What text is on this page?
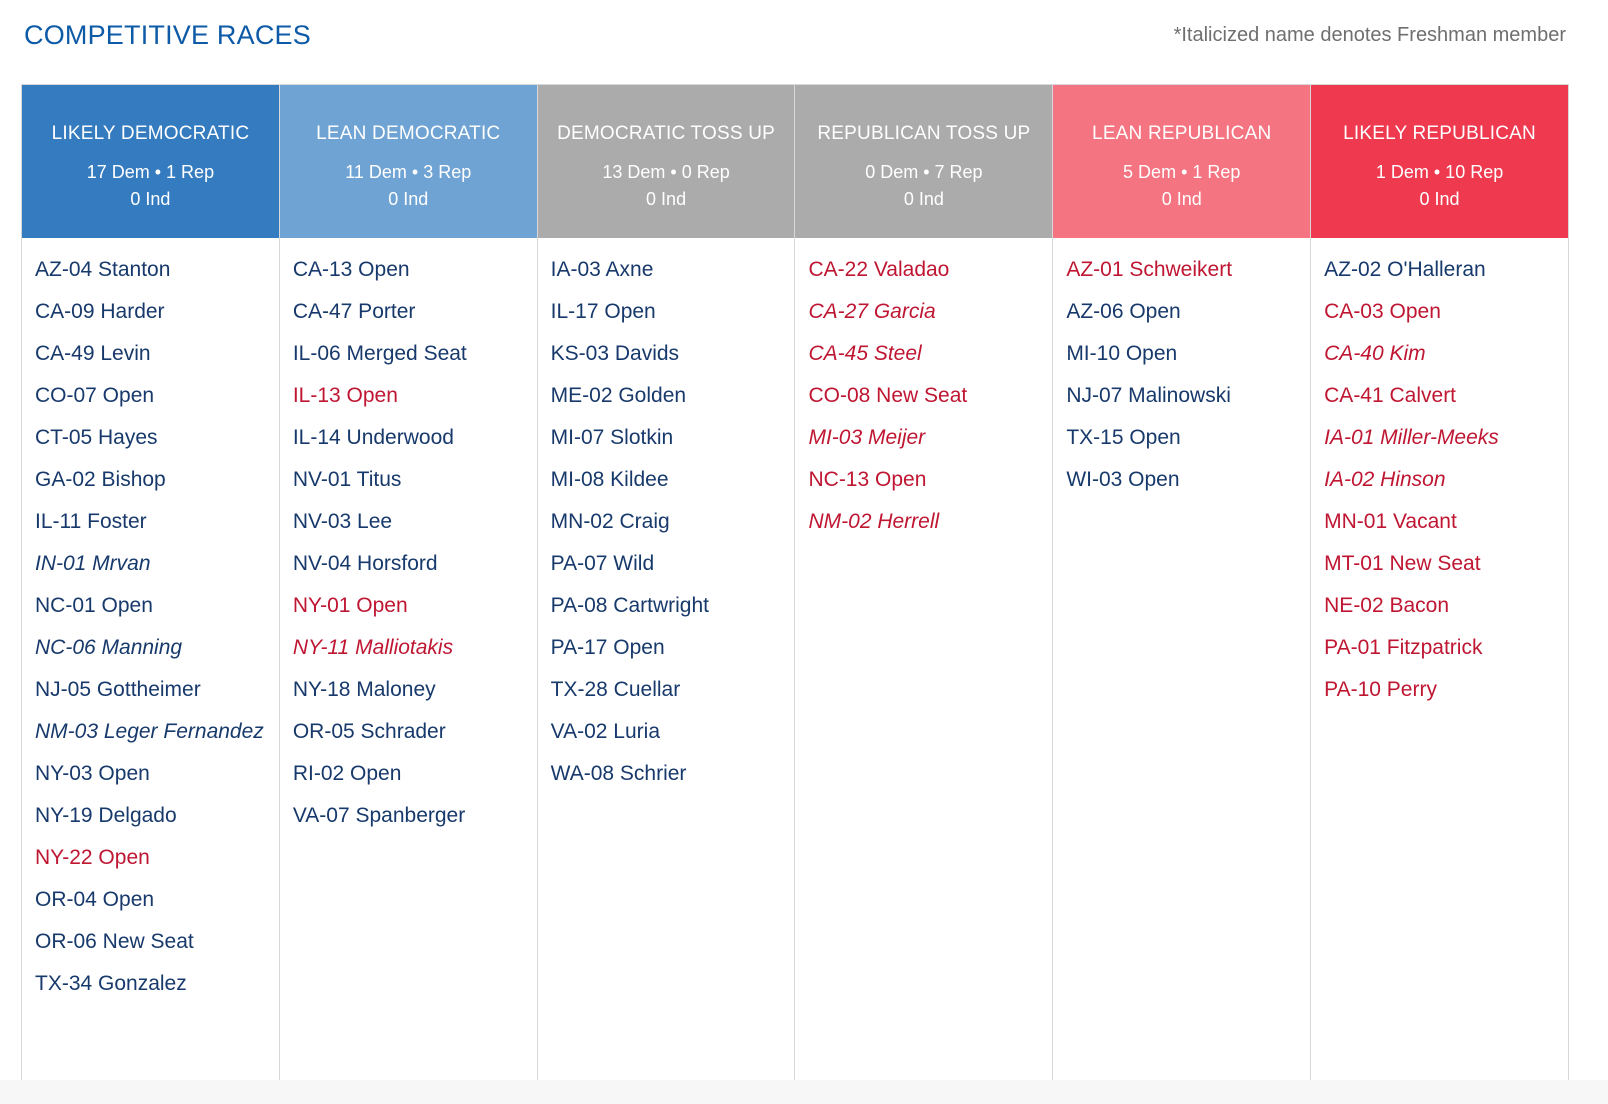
COMPETITIVE RACES	*Italicized name denotes Freshman member
LIKELY DEMOCRATIC
17 Dem • 1 Rep
0 Ind
AZ-04 Stanton
CA-09 Harder
CA-49 Levin
CO-07 Open
CT-05 Hayes
GA-02 Bishop
IL-11 Foster
IN-01 Mrvan
NC-01 Open
NC-06 Manning
NJ-05 Gottheimer
NM-03 Leger Fernandez
NY-03 Open
NY-19 Delgado
NY-22 Open
OR-04 Open
OR-06 New Seat
TX-34 Gonzalez
LEAN DEMOCRATIC
11 Dem • 3 Rep
0 Ind
CA-13 Open
CA-47 Porter
IL-06 Merged Seat
IL-13 Open
IL-14 Underwood
NV-01 Titus
NV-03 Lee
NV-04 Horsford
NY-01 Open
NY-11 Malliotakis
NY-18 Maloney
OR-05 Schrader
RI-02 Open
VA-07 Spanberger
DEMOCRATIC TOSS UP
13 Dem • 0 Rep
0 Ind
IA-03 Axne
IL-17 Open
KS-03 Davids
ME-02 Golden
MI-07 Slotkin
MI-08 Kildee
MN-02 Craig
PA-07 Wild
PA-08 Cartwright
PA-17 Open
TX-28 Cuellar
VA-02 Luria
WA-08 Schrier
REPUBLICAN TOSS UP
0 Dem • 7 Rep
0 Ind
CA-22 Valadao
CA-27 Garcia
CA-45 Steel
CO-08 New Seat
MI-03 Meijer
NC-13 Open
NM-02 Herrell
LEAN REPUBLICAN
5 Dem • 1 Rep
0 Ind
AZ-01 Schweikert
AZ-06 Open
MI-10 Open
NJ-07 Malinowski
TX-15 Open
WI-03 Open
LIKELY REPUBLICAN
1 Dem • 10 Rep
0 Ind
AZ-02 O'Halleran
CA-03 Open
CA-40 Kim
CA-41 Calvert
IA-01 Miller-Meeks
IA-02 Hinson
MN-01 Vacant
MT-01 New Seat
NE-02 Bacon
PA-01 Fitzpatrick
PA-10 Perry
